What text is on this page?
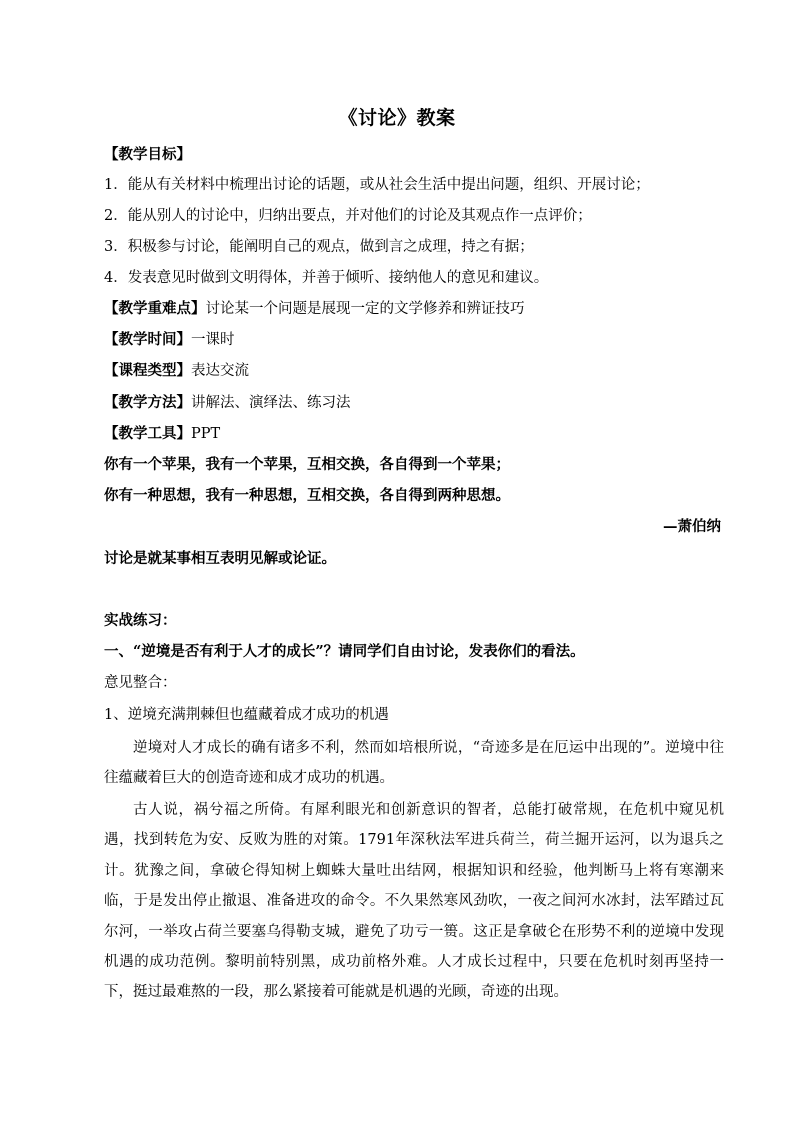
《讨论》教案
【教学目标】
1．能从有关材料中梳理出讨论的话题，或从社会生活中提出问题，组织、开展讨论；
2．能从别人的讨论中，归纳出要点，并对他们的讨论及其观点作一点评价；
3．积极参与讨论，能阐明自己的观点，做到言之成理，持之有据；
4．发表意见时做到文明得体，并善于倾听、接纳他人的意见和建议。
【教学重难点】讨论某一个问题是展现一定的文学修养和辨证技巧
【教学时间】一课时
【课程类型】表达交流
【教学方法】讲解法、演绎法、练习法
【教学工具】PPT
你有一个苹果，我有一个苹果，互相交换，各自得到一个苹果；
你有一种思想，我有一种思想，互相交换，各自得到两种思想。
—萧伯纳
讨论是就某事相互表明见解或论证。
实战练习：
一、“逆境是否有利于人才的成长”？请同学们自由讨论，发表你们的看法。
意见整合：
1、逆境充满荆棘但也蕴藏着成才成功的机遇

逆境对人才成长的确有诸多不利，然而如培根所说，“奇迹多是在厄运中出现的”。逆境中往往蕴藏着巨大的创造奇迹和成才成功的机遇。

古人说，祸兮福之所倚。有犀利眼光和创新意识的智者，总能打破常规，在危机中窥见机遇，找到转危为安、反败为胜的对策。1791年深秋法军进兵荷兰，荷兰掘开运河，以为退兵之计。犹豫之间，拿破仑得知树上蜘蛛大量吐出结网，根据知识和经验，他判断马上将有寒潮来临，于是发出停止撤退、准备进攻的命令。不久果然寒风劲吹，一夜之间河水冰封，法军踏过瓦尔河，一举攻占荷兰要塞乌得勒支城，避免了功亏一篑。这正是拿破仑在形势不利的逆境中发现机遇的成功范例。黎明前特别黑，成功前格外难。人才成长过程中，只要在危机时刻再坚持一下，挺过最难熬的一段，那么紧接着可能就是机遇的光顾，奇迹的出现。
